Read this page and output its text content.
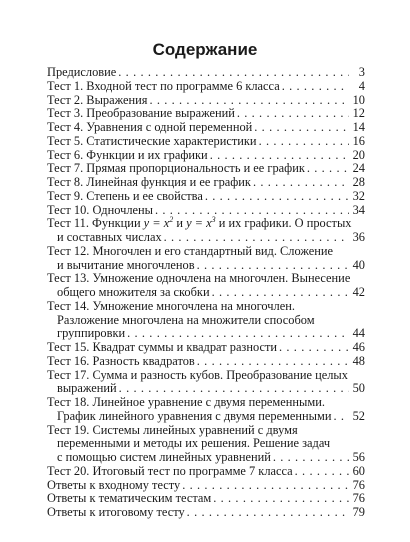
Содержание
Предисловие . . .	3
Тест 1. Входной тест по программе 6 класса . . .	4
Тест 2. Выражения . . .	10
Тест 3. Преобразование выражений . . .	12
Тест 4. Уравнения с одной переменной . . .	14
Тест 5. Статистические характеристики . . .	16
Тест 6. Функции и их графики . . .	20
Тест 7. Прямая пропорциональность и ее график . . .	24
Тест 8. Линейная функция и ее график . . .	28
Тест 9. Степень и ее свойства . . .	32
Тест 10. Одночлены . . .	34
Тест 11. Функции $y = x^2$ и $y = x^3$ и их графики. О простых
и составных числах . . .	36
Тест 12. Многочлен и его стандартный вид. Сложение
и вычитание многочленов . . .	40
Тест 13. Умножение одночлена на многочлен. Вынесение
общего множителя за скобки . . .	42
Тест 14. Умножение многочлена на многочлен.
Разложение многочлена на множители способом
группировки . . .	44
Тест 15. Квадрат суммы и квадрат разности . . .	46
Тест 16. Разность квадратов . . .	48
Тест 17. Сумма и разность кубов. Преобразование целых
выражений . . .	50
Тест 18. Линейное уравнение с двумя переменными.
График линейного уравнения с двумя переменными . . . 52
Тест 19. Системы линейных уравнений с двумя
переменными и методы их решения. Решение задач
с помощью систем линейных уравнений . . .	56
Тест 20. Итоговый тест по программе 7 класса . . .	60
Ответы к входному тесту . . .	76
Ответы к тематическим тестам . . .	76
Ответы к итоговому тесту . . .	79
